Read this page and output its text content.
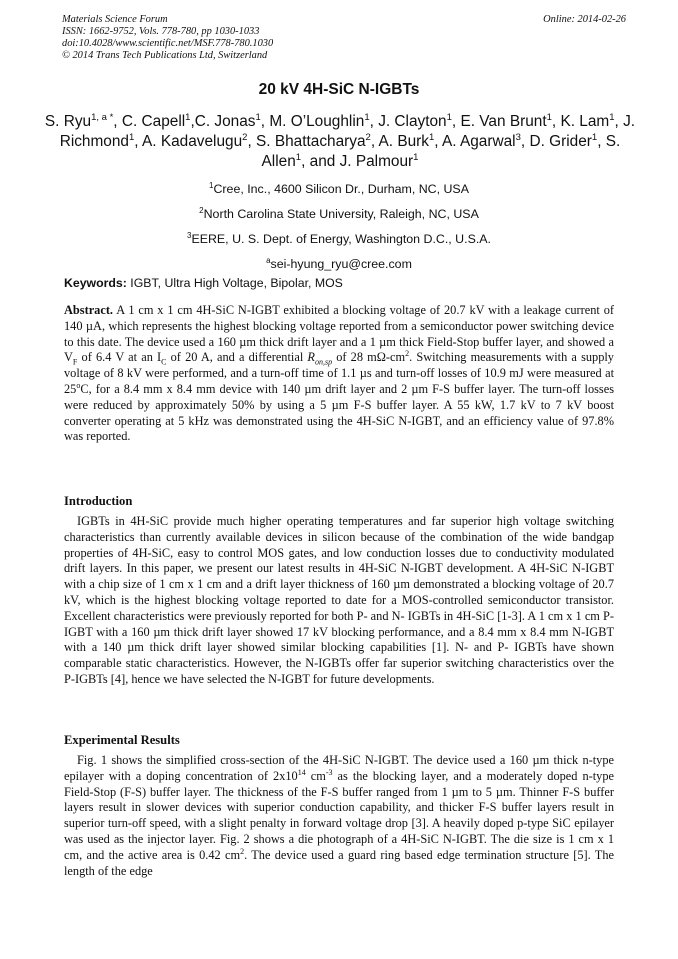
Materials Science Forum
ISSN: 1662-9752, Vols. 778-780, pp 1030-1033
doi:10.4028/www.scientific.net/MSF.778-780.1030
© 2014 Trans Tech Publications Ltd, Switzerland
Online: 2014-02-26
20 kV 4H-SiC N-IGBTs
S. Ryu$^{1, a *}$, C. Capell$^1$,C. Jonas$^1$, M. O’Loughlin$^1$, J. Clayton$^1$, E. Van Brunt$^1$, K. Lam$^1$, J. Richmond$^1$, A. Kadavelugu$^2$, S. Bhattacharya$^2$, A. Burk$^1$, A. Agarwal$^3$, D. Grider$^1$, S. Allen$^1$, and J. Palmour$^1$
$^1$Cree, Inc., 4600 Silicon Dr., Durham, NC, USA
$^2$North Carolina State University, Raleigh, NC, USA
$^3$EERE, U. S. Dept. of Energy, Washington D.C., U.S.A.
$^a$sei-hyung_ryu@cree.com
Keywords: IGBT, Ultra High Voltage, Bipolar, MOS
Abstract. A 1 cm x 1 cm 4H-SiC N-IGBT exhibited a blocking voltage of 20.7 kV with a leakage current of 140 µA, which represents the highest blocking voltage reported from a semiconductor power switching device to this date. The device used a 160 µm thick drift layer and a 1 µm thick Field-Stop buffer layer, and showed a $V_F$ of 6.4 V at an $I_C$ of 20 A, and a differential $R_{on,sp}$ of 28 $m\Omega-cm^2$. Switching measurements with a supply voltage of 8 kV were performed, and a turn-off time of 1.1 µs and turn-off losses of 10.9 mJ were measured at 25$^o$C, for a 8.4 mm x 8.4 mm device with 140 µm drift layer and 2 µm F-S buffer layer. The turn-off losses were reduced by approximately 50% by using a 5 µm F-S buffer layer. A 55 kW, 1.7 kV to 7 kV boost converter operating at 5 kHz was demonstrated using the 4H-SiC N-IGBT, and an efficiency value of 97.8% was reported.
Introduction
IGBTs in 4H-SiC provide much higher operating temperatures and far superior high voltage switching characteristics than currently available devices in silicon because of the combination of the wide bandgap properties of 4H-SiC, easy to control MOS gates, and low conduction losses due to conductivity modulated drift layers. In this paper, we present our latest results in 4H-SiC N-IGBT development. A 4H-SiC N-IGBT with a chip size of 1 cm x 1 cm and a drift layer thickness of 160 µm demonstrated a blocking voltage of 20.7 kV, which is the highest blocking voltage reported to date for a MOS-controlled semiconductor transistor. Excellent characteristics were previously reported for both P- and N- IGBTs in 4H-SiC [1-3]. A 1 cm x 1 cm P-IGBT with a 160 µm thick drift layer showed 17 kV blocking performance, and a 8.4 mm x 8.4 mm N-IGBT with a 140 µm thick drift layer showed similar blocking capabilities [1]. N- and P- IGBTs have shown comparable static characteristics. However, the N-IGBTs offer far superior switching characteristics over the P-IGBTs [4], hence we have selected the N-IGBT for future developments.
Experimental Results
Fig. 1 shows the simplified cross-section of the 4H-SiC N-IGBT. The device used a 160 µm thick n-type epilayer with a doping concentration of $2x10^{14}$ $cm^{-3}$ as the blocking layer, and a moderately doped n-type Field-Stop (F-S) buffer layer. The thickness of the F-S buffer ranged from 1 µm to 5 µm. Thinner F-S buffer layers result in slower devices with superior conduction capability, and thicker F-S buffer layers result in superior turn-off speed, with a slight penalty in forward voltage drop [3]. A heavily doped p-type SiC epilayer was used as the injector layer. Fig. 2 shows a die photograph of a 4H-SiC N-IGBT. The die size is 1 cm x 1 cm, and the active area is 0.42 $cm^2$. The device used a guard ring based edge termination structure [5]. The length of the edge
